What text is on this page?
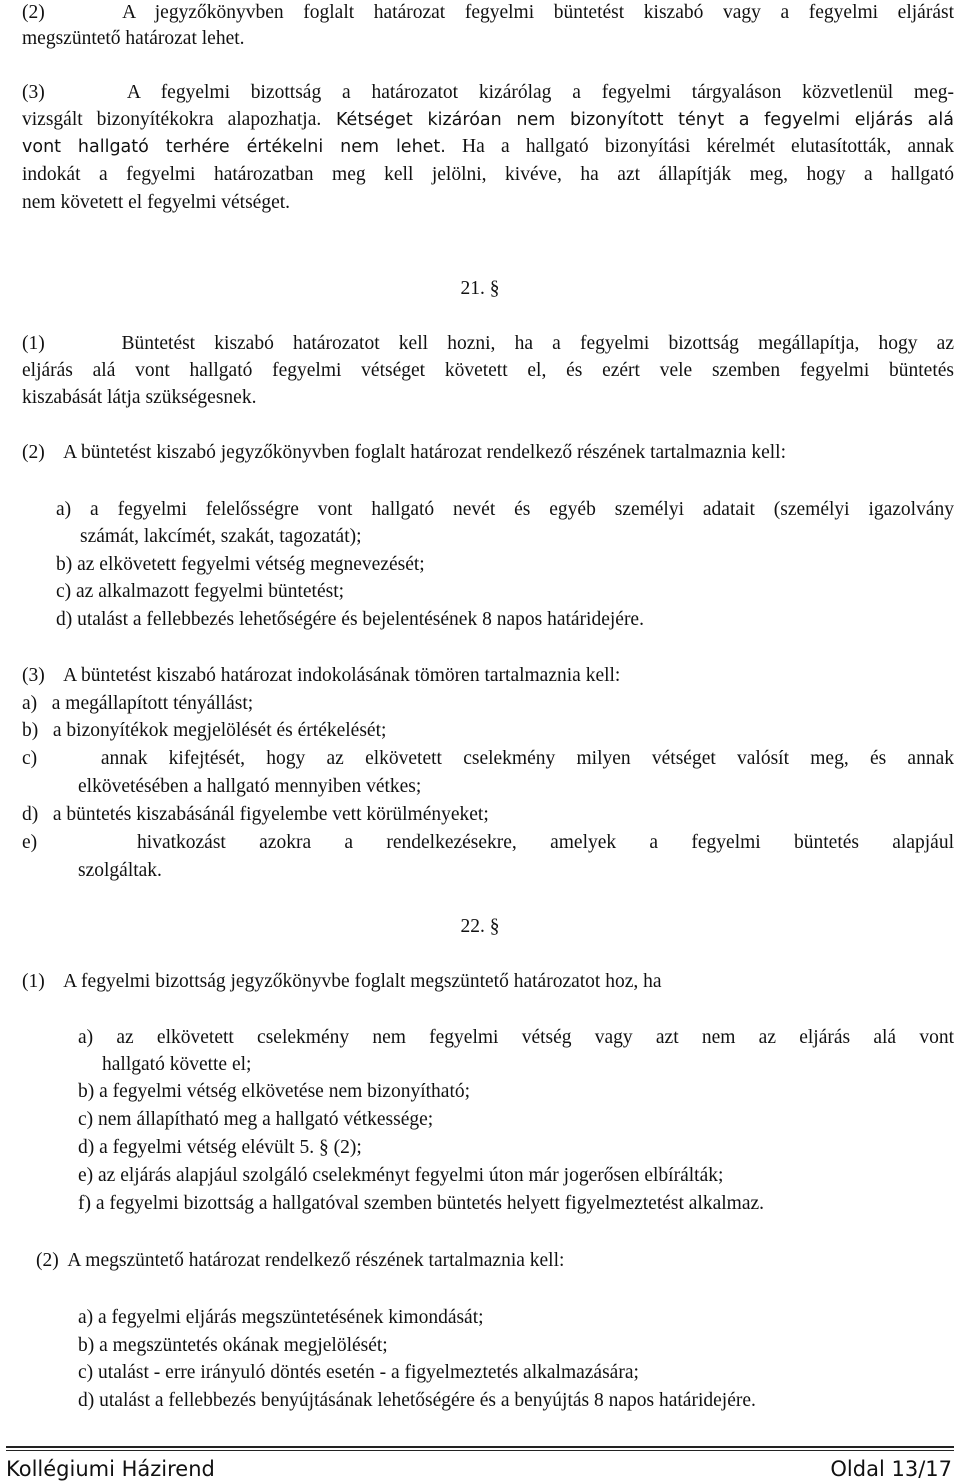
(2)    A jegyzőkönyvben foglalt határozat fegyelmi büntetést kiszabó vagy a fegyelmi eljárást
megszüntető határozat lehet.
(3)    A fegyelmi bizottság a határozatot kizárólag a fegyelmi tárgyaláson közvetlenül meg-
vizsgált bizonyítékokra alapozhatja. Kétséget kizáróan nem bizonyított tényt a fegyelmi eljárás alá
vont hallgató terhére értékelni nem lehet. Ha a hallgató bizonyítási kérelmét elutasították, annak
indokát a fegyelmi határozatban meg kell jelölni, kivéve, ha azt állapítják meg, hogy a hallgató
nem követett el fegyelmi vétséget.
21. §
(1)    Büntetést kiszabó határozatot kell hozni, ha a fegyelmi bizottság megállapítja, hogy az
eljárás alá vont hallgató fegyelmi vétséget követett el, és ezért vele szemben fegyelmi büntetés
kiszabását látja szükségesnek.
(2)    A büntetést kiszabó jegyzőkönyvben foglalt határozat rendelkező részének tartalmaznia kell:
a) a fegyelmi felelősségre vont hallgató nevét és egyéb személyi adatait (személyi igazolvány
számát, lakcímét, szakát, tagozatát);
b) az elkövetett fegyelmi vétség megnevezését;
c) az alkalmazott fegyelmi büntetést;
d) utalást a fellebbezés lehetőségére és bejelentésének 8 napos határidejére.
(3)    A büntetést kiszabó határozat indokolásának tömören tartalmaznia kell:
a)   a megállapított tényállást;
b)   a bizonyítékok megjelölését és értékelését;
c)   annak kifejtését, hogy az elkövetett cselekmény milyen vétséget valósít meg, és annak
elkövetésében a hallgató mennyiben vétkes;
d)   a büntetés kiszabásánál figyelembe vett körülményeket;
e)   hivatkozást azokra a rendelkezésekre, amelyek a fegyelmi büntetés alapjául
szolgáltak.
22. §
(1)    A fegyelmi bizottság jegyzőkönyvbe foglalt megszüntető határozatot hoz, ha
a) az elkövetett cselekmény nem fegyelmi vétség vagy azt nem az eljárás alá vont
hallgató követte el;
b) a fegyelmi vétség elkövetése nem bizonyítható;
c) nem állapítható meg a hallgató vétkessége;
d) a fegyelmi vétség elévült 5. § (2);
e) az eljárás alapjául szolgáló cselekményt fegyelmi úton már jogerősen elbírálták;
f) a fegyelmi bizottság a hallgatóval szemben büntetés helyett figyelmeztetést alkalmaz.
(2)  A megszüntető határozat rendelkező részének tartalmaznia kell:
a) a fegyelmi eljárás megszüntetésének kimondását;
b) a megszüntetés okának megjelölését;
c) utalást - erre irányuló döntés esetén - a figyelmeztetés alkalmazására;
d) utalást a fellebbezés benyújtásának lehetőségére és a benyújtás 8 napos határidejére.
Kollégiumi Házirend	Oldal 13/17
